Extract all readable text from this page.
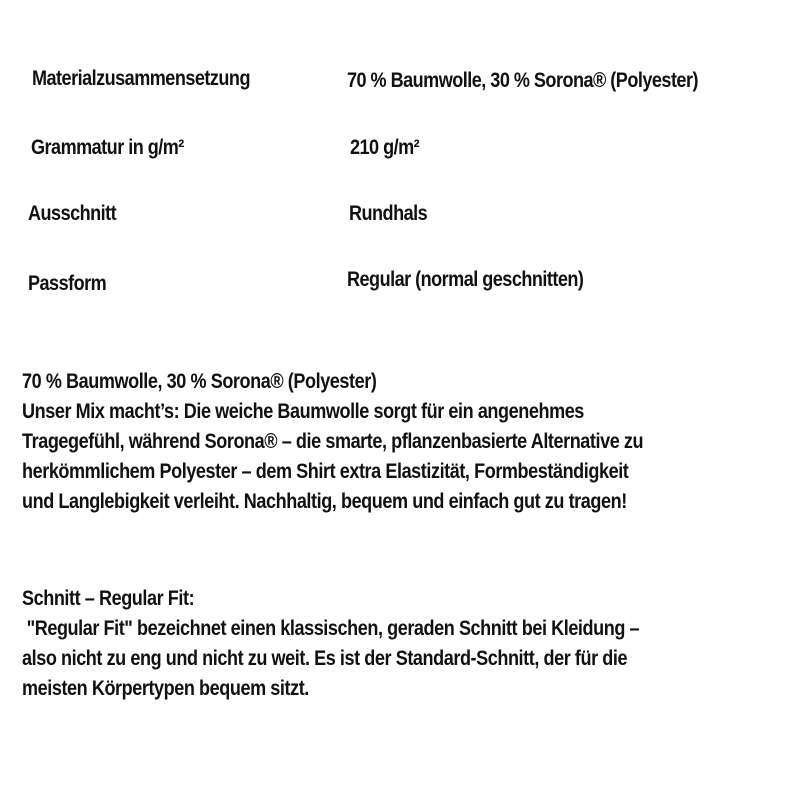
Materialzusammensetzung	70 % Baumwolle, 30 % Sorona® (Polyester)
Grammatur in g/m²	210 g/m²
Ausschnitt	Rundhals
Passform	Regular (normal geschnitten)
70 % Baumwolle, 30 % Sorona® (Polyester)
Unser Mix macht’s: Die weiche Baumwolle sorgt für ein angenehmes
Tragegefühl, während Sorona® – die smarte, pflanzenbasierte Alternative zu
herkömmlichem Polyester – dem Shirt extra Elastizität, Formbeständigkeit
und Langlebigkeit verleiht. Nachhaltig, bequem und einfach gut zu tragen!
Schnitt – Regular Fit:
"Regular Fit" bezeichnet einen klassischen, geraden Schnitt bei Kleidung –
also nicht zu eng und nicht zu weit. Es ist der Standard-Schnitt, der für die
meisten Körpertypen bequem sitzt.
